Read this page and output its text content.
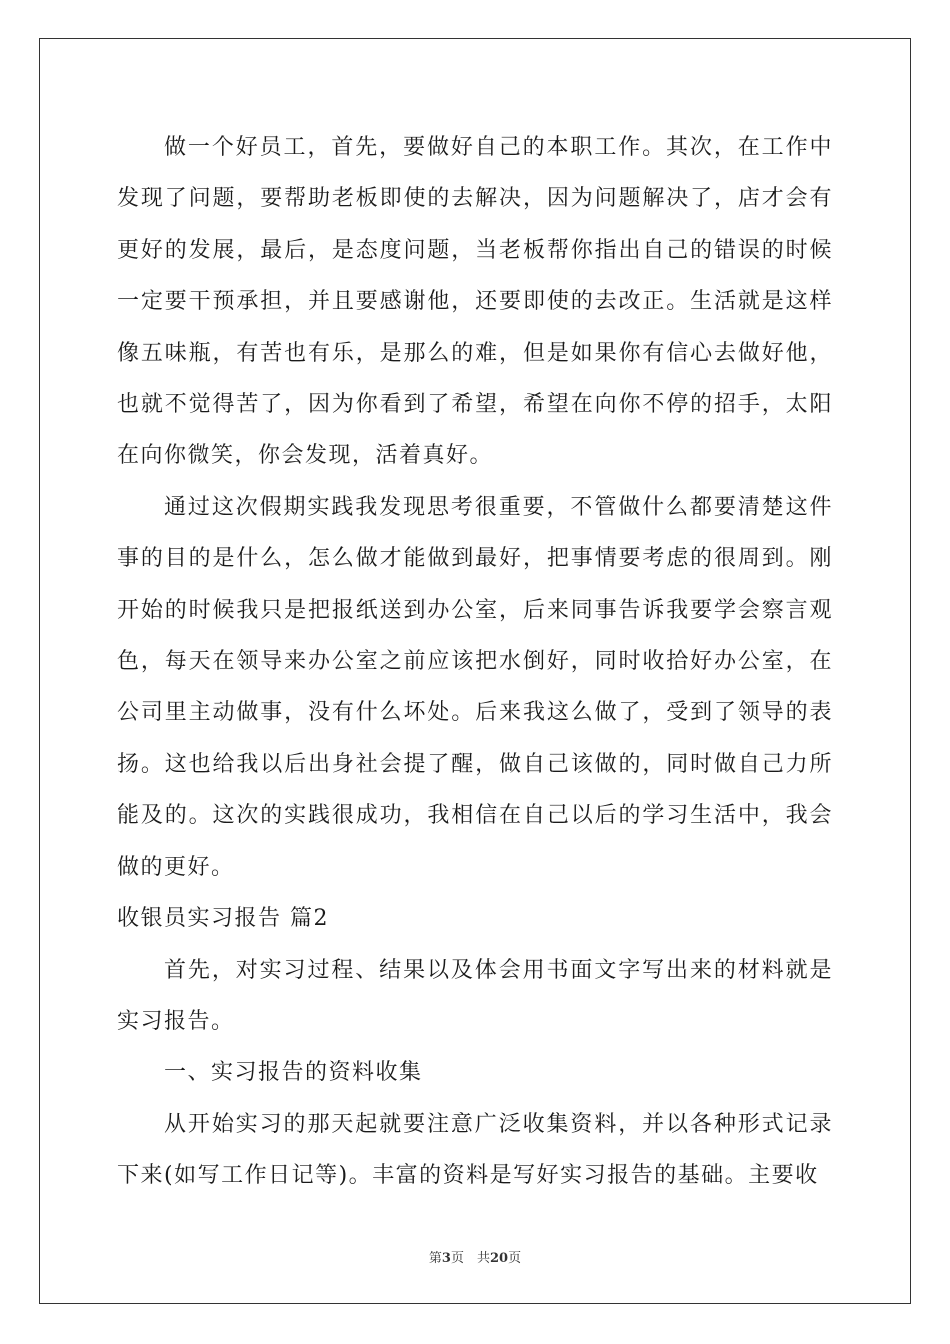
做一个好员工，首先，要做好自己的本职工作。其次，在工作中发现了问题，要帮助老板即使的去解决，因为问题解决了，店才会有更好的发展，最后，是态度问题，当老板帮你指出自己的错误的时候一定要干预承担，并且要感谢他，还要即使的去改正。生活就是这样像五味瓶，有苦也有乐，是那么的难，但是如果你有信心去做好他，也就不觉得苦了，因为你看到了希望，希望在向你不停的招手，太阳在向你微笑，你会发现，活着真好。

通过这次假期实践我发现思考很重要，不管做什么都要清楚这件事的目的是什么，怎么做才能做到最好，把事情要考虑的很周到。刚开始的时候我只是把报纸送到办公室，后来同事告诉我要学会察言观色，每天在领导来办公室之前应该把水倒好，同时收拾好办公室，在公司里主动做事，没有什么坏处。后来我这么做了，受到了领导的表扬。这也给我以后出身社会提了醒，做自己该做的，同时做自己力所能及的。这次的实践很成功，我相信在自己以后的学习生活中，我会做的更好。

收银员实习报告 篇2

首先，对实习过程、结果以及体会用书面文字写出来的材料就是实习报告。

一、实习报告的资料收集

从开始实习的那天起就要注意广泛收集资料，并以各种形式记录下来(如写工作日记等)。丰富的资料是写好实习报告的基础。主要收

第3页　共20页
